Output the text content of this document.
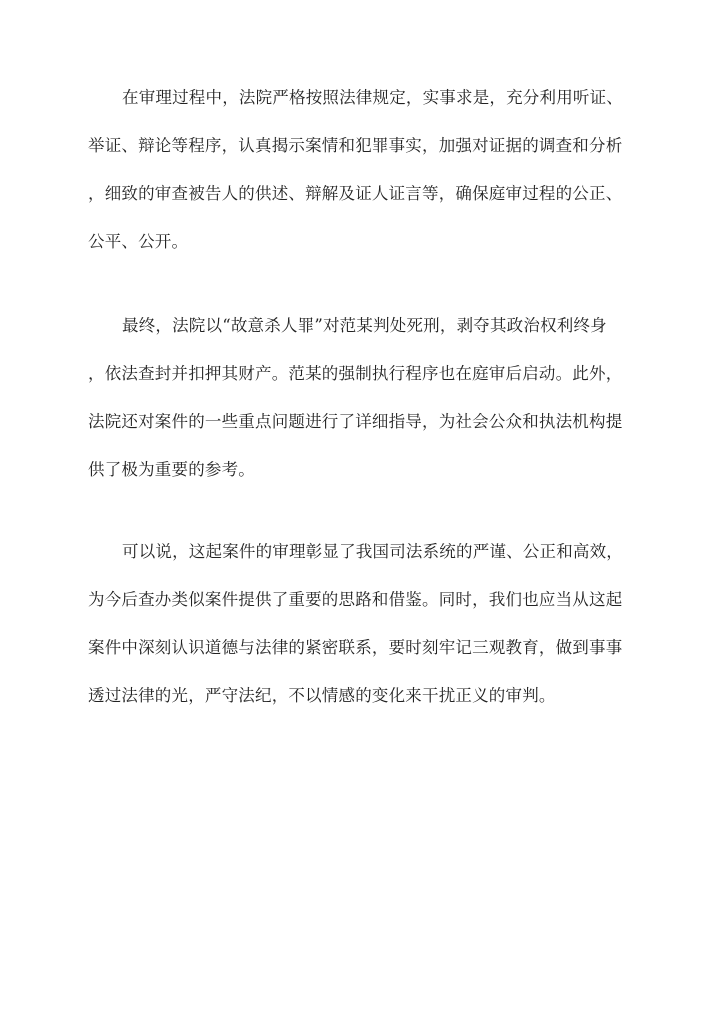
在审理过程中，法院严格按照法律规定，实事求是，充分利用听证、
举证、辩论等程序，认真揭示案情和犯罪事实，加强对证据的调查和分析
，细致的审查被告人的供述、辩解及证人证言等，确保庭审过程的公正、
公平、公开。
最终，法院以“故意杀人罪”对范某判处死刑，剥夺其政治权利终身
，依法查封并扣押其财产。范某的强制执行程序也在庭审后启动。此外，
法院还对案件的一些重点问题进行了详细指导，为社会公众和执法机构提
供了极为重要的参考。
可以说，这起案件的审理彰显了我国司法系统的严谨、公正和高效，
为今后查办类似案件提供了重要的思路和借鉴。同时，我们也应当从这起
案件中深刻认识道德与法律的紧密联系，要时刻牢记三观教育，做到事事
透过法律的光，严守法纪，不以情感的变化来干扰正义的审判。
